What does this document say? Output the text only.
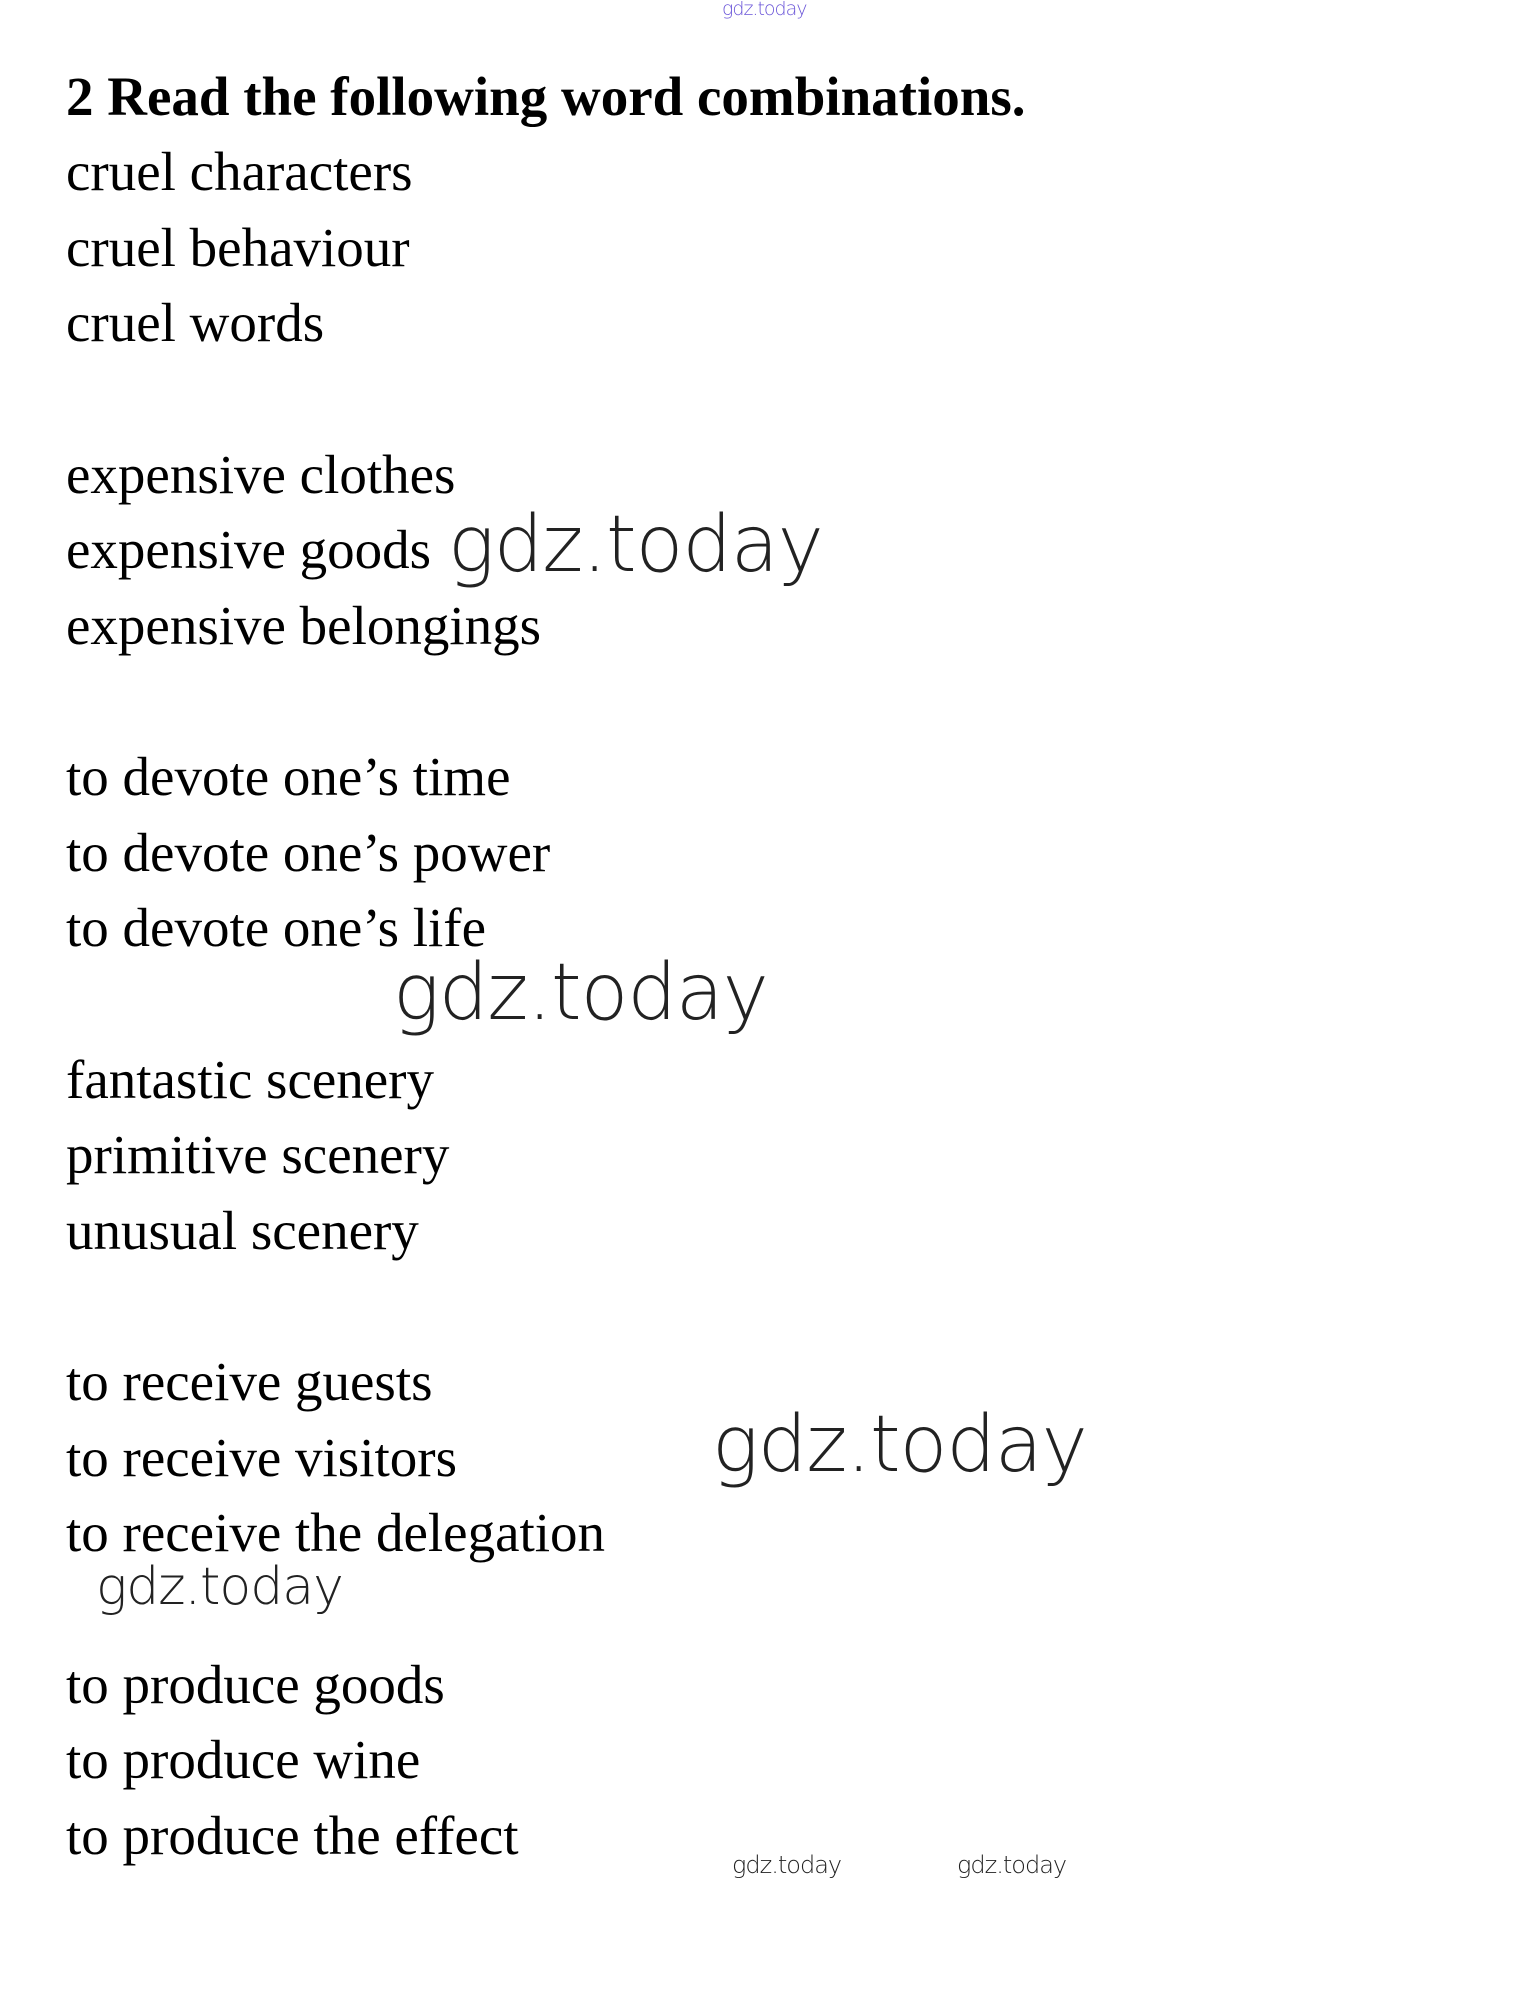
gdz.today
2 Read the following word combinations.
cruel characters
cruel behaviour
cruel words
expensive clothes
expensive goods
expensive belongings
to devote one’s time
to devote one’s power
to devote one’s life
fantastic scenery
primitive scenery
unusual scenery
to receive guests
to receive visitors
to receive the delegation
to produce goods
to produce wine
to produce the effect
gdz.today
gdz.today
gdz.today
gdz.today
gdz.today	gdz.today
